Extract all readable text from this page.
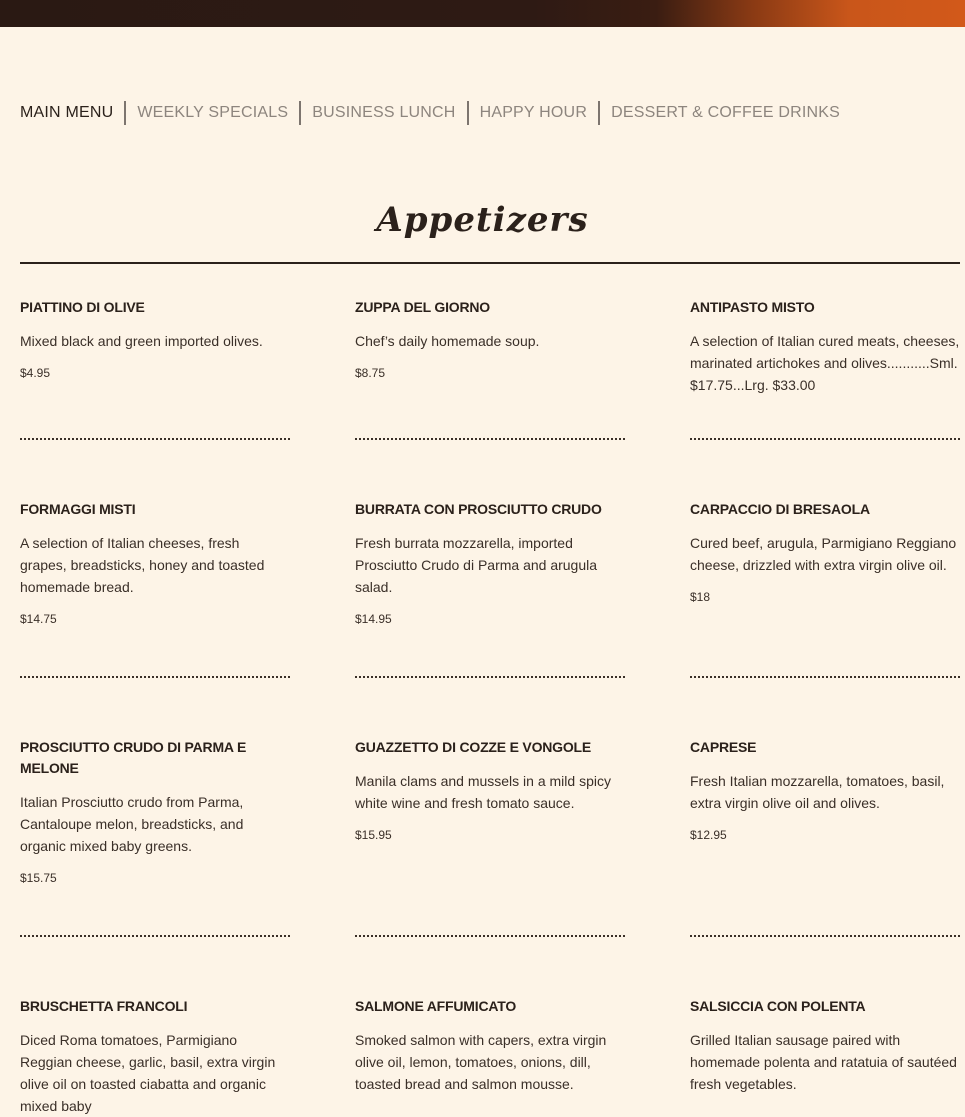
MAIN MENU	WEEKLY SPECIALS	BUSINESS LUNCH	HAPPY HOUR	DESSERT & COFFEE DRINKS
Appetizers
PIATTINO DI OLIVE
Mixed black and green imported olives.
$4.95
ZUPPA DEL GIORNO
Chef’s daily homemade soup.
$8.75
ANTIPASTO MISTO
A selection of Italian cured meats, cheeses, marinated artichokes and olives...........Sml. $17.75...Lrg. $33.00
FORMAGGI MISTI
A selection of Italian cheeses, fresh grapes, breadsticks, honey and toasted homemade bread.
$14.75
BURRATA CON PROSCIUTTO CRUDO
Fresh burrata mozzarella, imported Prosciutto Crudo di Parma and arugula salad.
$14.95
CARPACCIO DI BRESAOLA
Cured beef, arugula, Parmigiano Reggiano cheese, drizzled with extra virgin olive oil.
$18
PROSCIUTTO CRUDO DI PARMA E MELONE
Italian Prosciutto crudo from Parma, Cantaloupe melon, breadsticks, and organic mixed baby greens.
$15.75
GUAZZETTO DI COZZE E VONGOLE
Manila clams and mussels in a mild spicy white wine and fresh tomato sauce.
$15.95
CAPRESE
Fresh Italian mozzarella, tomatoes, basil, extra virgin olive oil and olives.
$12.95
BRUSCHETTA FRANCOLI
Diced Roma tomatoes, Parmigiano Reggian cheese, garlic, basil, extra virgin olive oil on toasted ciabatta and organic mixed baby
SALMONE AFFUMICATO
Smoked salmon with capers, extra virgin olive oil, lemon, tomatoes, onions, dill, toasted bread and salmon mousse.
SALSICCIA CON POLENTA
Grilled Italian sausage paired with homemade polenta and ratatuia of sautéed fresh vegetables.
